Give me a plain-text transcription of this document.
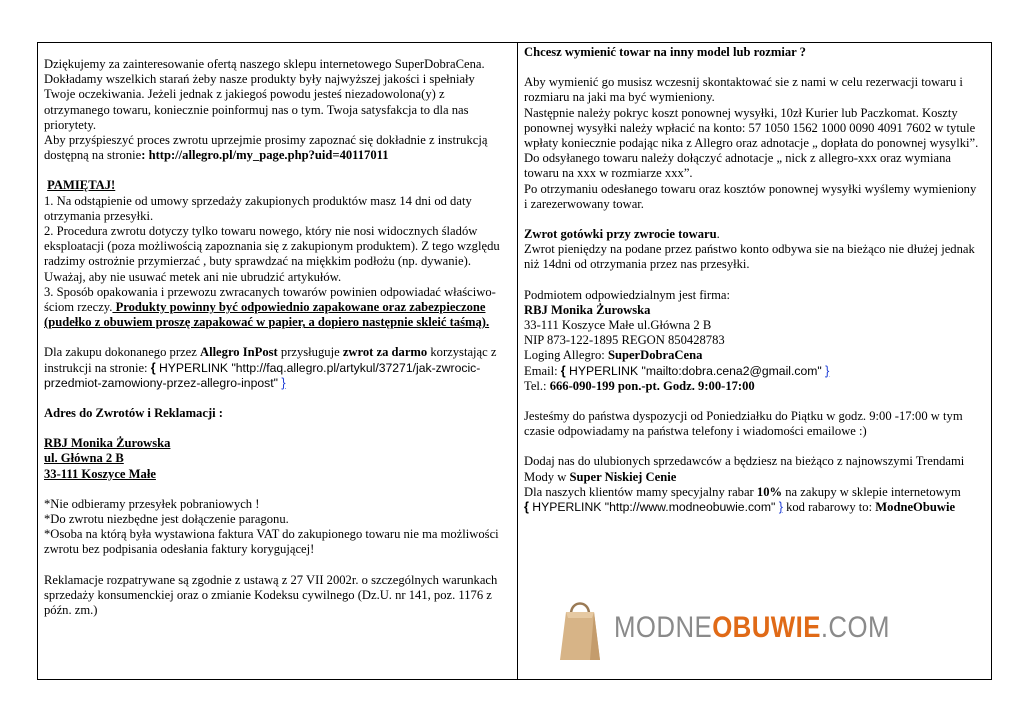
Dziękujemy za zainteresowanie ofertą naszego sklepu internetowego SuperDobraCena. Dokładamy wszelkich starań żeby nasze produkty były najwyższej jakości i spełniały Twoje oczekiwania. Jeżeli jednak z jakiegoś powodu jesteś niezadowolona(y) z otrzymanego towaru, koniecznie poinformuj nas o tym. Twoja satysfakcja to dla nas priorytety.

Aby przyśpieszyć proces zwrotu uprzejmie prosimy zapoznać się dokładnie z instrukcją dostępną na stronie: http://allegro.pl/my_page.php?uid=40117011

PAMIĘTAJ!

1. Na odstąpienie od umowy sprzedaży zakupionych produktów masz 14 dni od daty otrzymania przesyłki.

2. Procedura zwrotu dotyczy tylko towaru nowego, który nie nosi widocznych śladów eksploatacji (poza możliwością zapoznania się z zakupionym produktem). Z tego względu radzimy ostrożnie przymierzać , buty sprawdzać na miękkim podłożu (np. dywanie). Uważaj, aby nie usuwać metek ani nie ubrudzić artykułów.

3. Sposób opakowania i przewozu zwracanych towarów powinien odpowiadać właściwo-ściom rzeczy. Produkty powinny być odpowiednio zapakowane oraz zabezpieczone (pudełko z obuwiem proszę zapakować w papier, a dopiero następnie skleić taśmą).

Dla zakupu dokonanego przez Allegro InPost przysługuje zwrot za darmo korzystając z instrukcji na stronie: { HYPERLINK "http://faq.allegro.pl/artykul/37271/jak-zwrocic-przedmiot-zamowiony-przez-allegro-inpost" }

Adres do Zwrotów i Reklamacji :

RBJ Monika Żurowska

ul. Główna 2 B

33-111 Koszyce Małe

*Nie odbieramy przesyłek pobraniowych !

*Do zwrotu niezbędne jest dołączenie paragonu.

*Osoba na którą była wystawiona faktura VAT do zakupionego towaru nie ma możliwości zwrotu bez podpisania odesłania faktury korygującej!

Reklamacje rozpatrywane są zgodnie z ustawą z 27 VII 2002r. o szczególnych warunkach sprzedaży konsumenckiej oraz o zmianie Kodeksu cywilnego (Dz.U. nr 141, poz. 1176 z późn. zm.)

Chcesz wymienić towar na inny model lub rozmiar ?

Aby wymienić go musisz wczesnij skontaktować sie z nami w celu rezerwacji towaru i rozmiaru na jaki ma być wymieniony.

Następnie należy pokryc koszt ponownej wysyłki, 10zł Kurier lub Paczkomat. Koszty ponownej wysyłki należy wpłacić na konto: 57 1050 1562 1000 0090 4091 7602 w tytule wpłaty koniecznie podając nika z Allegro oraz adnotacje „ dopłata do ponownej wysylki”.

Do odsyłanego towaru należy dołączyć adnotacje „ nick z allegro-xxx oraz wymiana towaru na xxx w rozmiarze xxx”.

Po otrzymaniu odesłanego towaru oraz kosztów ponownej wysyłki wyślemy wymieniony i zarezerwowany towar.

Zwrot gotówki przy zwrocie towaru.

Zwrot pieniędzy na podane przez państwo konto odbywa sie na bieżąco nie dłużej jednak niż 14dni od otrzymania przez nas przesyłki.

Podmiotem odpowiedzialnym jest firma:

RBJ Monika Żurowska

33-111 Koszyce Małe ul.Główna 2 B

NIP 873-122-1895 REGON 850428783

Loging Allegro: SuperDobraCena

Email: { HYPERLINK "mailto:dobra.cena2@gmail.com" }

Tel.: 666-090-199 pon.-pt. Godz. 9:00-17:00

Jesteśmy do państwa dyspozycji od Poniedziałku do Piątku w godz. 9:00 -17:00 w tym czasie odpowiadamy na państwa telefony i wiadomości emailowe :)

Dodaj nas do ulubionych sprzedawców a będziesz na bieżąco z najnowszymi Trendami Mody w Super Niskiej Cenie

Dla naszych klientów mamy specyjalny rabar 10% na zakupy w sklepie internetowym

{ HYPERLINK "http://www.modneobuwie.com" } kod rabarowy to: ModneObuwie

MODNEOBUWIE.COM
